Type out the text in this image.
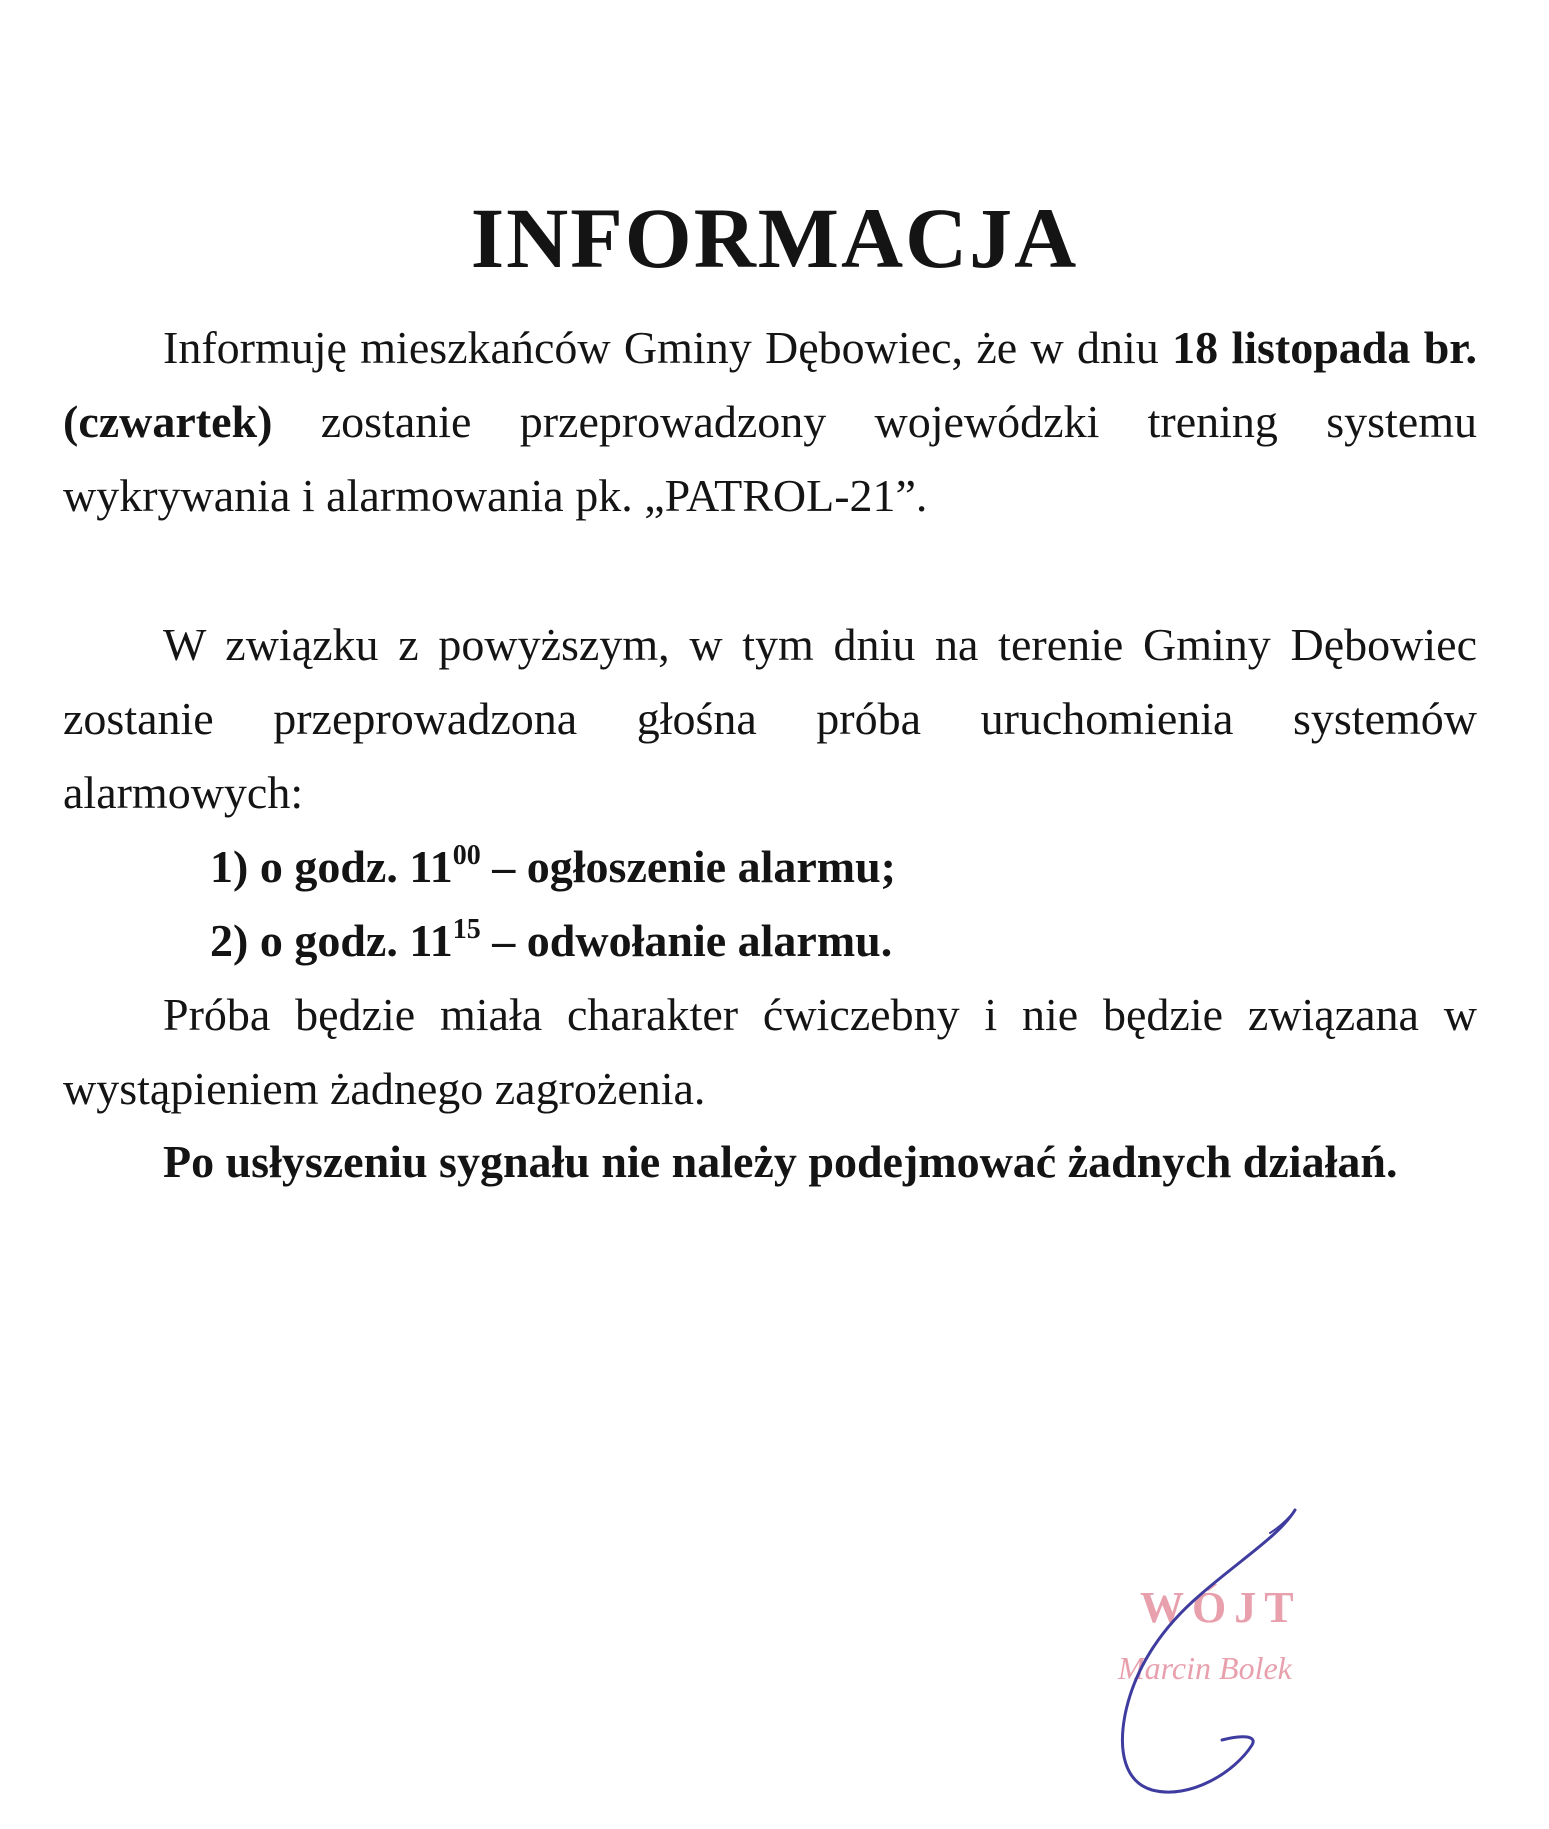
INFORMACJA

Informuję mieszkańców Gminy Dębowiec, że w dniu 18 listopada br. (czwartek) zostanie przeprowadzony wojewódzki trening systemu wykrywania i alarmowania pk. „PATROL-21”.

W związku z powyższym, w tym dniu na terenie Gminy Dębowiec zostanie przeprowadzona głośna próba uruchomienia systemów alarmowych:

1) o godz. $11^{00}$ – ogłoszenie alarmu;
2) o godz. $11^{15}$ – odwołanie alarmu.

Próba będzie miała charakter ćwiczebny i nie będzie związana w wystąpieniem żadnego zagrożenia.

Po usłyszeniu sygnału nie należy podejmować żadnych działań.

WÓJT
Marcin Bolek
